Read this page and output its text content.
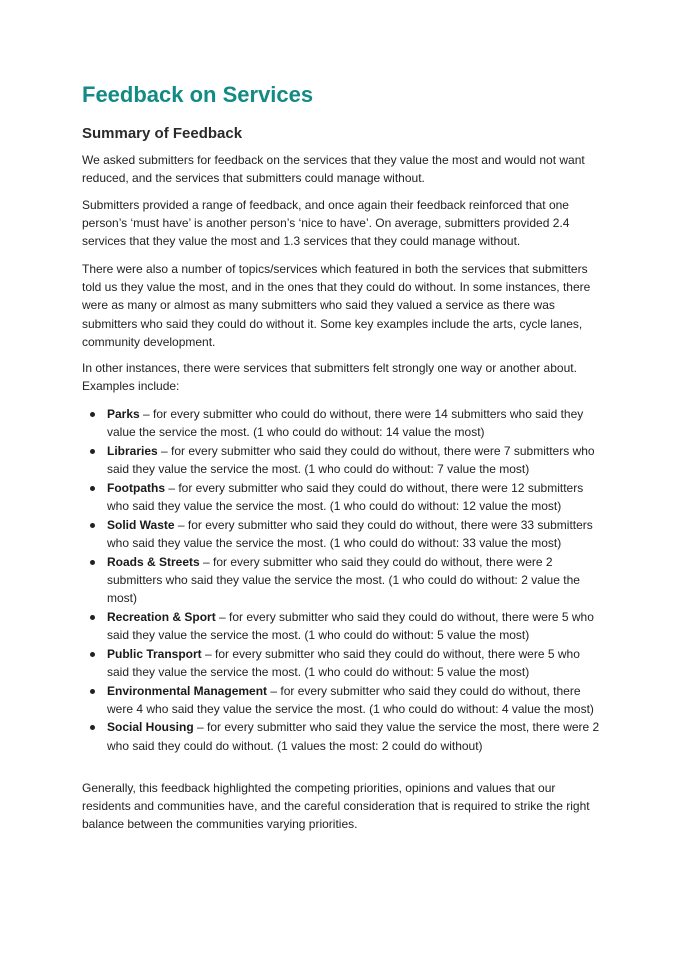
Feedback on Services
Summary of Feedback

We asked submitters for feedback on the services that they value the most and would not want reduced, and the services that submitters could manage without.

Submitters provided a range of feedback, and once again their feedback reinforced that one person’s ‘must have’ is another person’s ‘nice to have’. On average, submitters provided 2.4 services that they value the most and 1.3 services that they could manage without.

There were also a number of topics/services which featured in both the services that submitters told us they value the most, and in the ones that they could do without. In some instances, there were as many or almost as many submitters who said they valued a service as there was submitters who said they could do without it. Some key examples include the arts, cycle lanes, community development.

In other instances, there were services that submitters felt strongly one way or another about. Examples include:

Parks – for every submitter who could do without, there were 14 submitters who said they value the service the most. (1 who could do without: 14 value the most)
Libraries – for every submitter who said they could do without, there were 7 submitters who said they value the service the most. (1 who could do without: 7 value the most)
Footpaths – for every submitter who said they could do without, there were 12 submitters who said they value the service the most. (1 who could do without: 12 value the most)
Solid Waste – for every submitter who said they could do without, there were 33 submitters who said they value the service the most. (1 who could do without: 33 value the most)
Roads & Streets – for every submitter who said they could do without, there were 2 submitters who said they value the service the most. (1 who could do without: 2 value the most)
Recreation & Sport – for every submitter who said they could do without, there were 5 who said they value the service the most. (1 who could do without: 5 value the most)
Public Transport – for every submitter who said they could do without, there were 5 who said they value the service the most. (1 who could do without: 5 value the most)
Environmental Management – for every submitter who said they could do without, there were 4 who said they value the service the most. (1 who could do without: 4 value the most)
Social Housing – for every submitter who said they value the service the most, there were 2 who said they could do without. (1 values the most: 2 could do without)

Generally, this feedback highlighted the competing priorities, opinions and values that our residents and communities have, and the careful consideration that is required to strike the right balance between the communities varying priorities.
